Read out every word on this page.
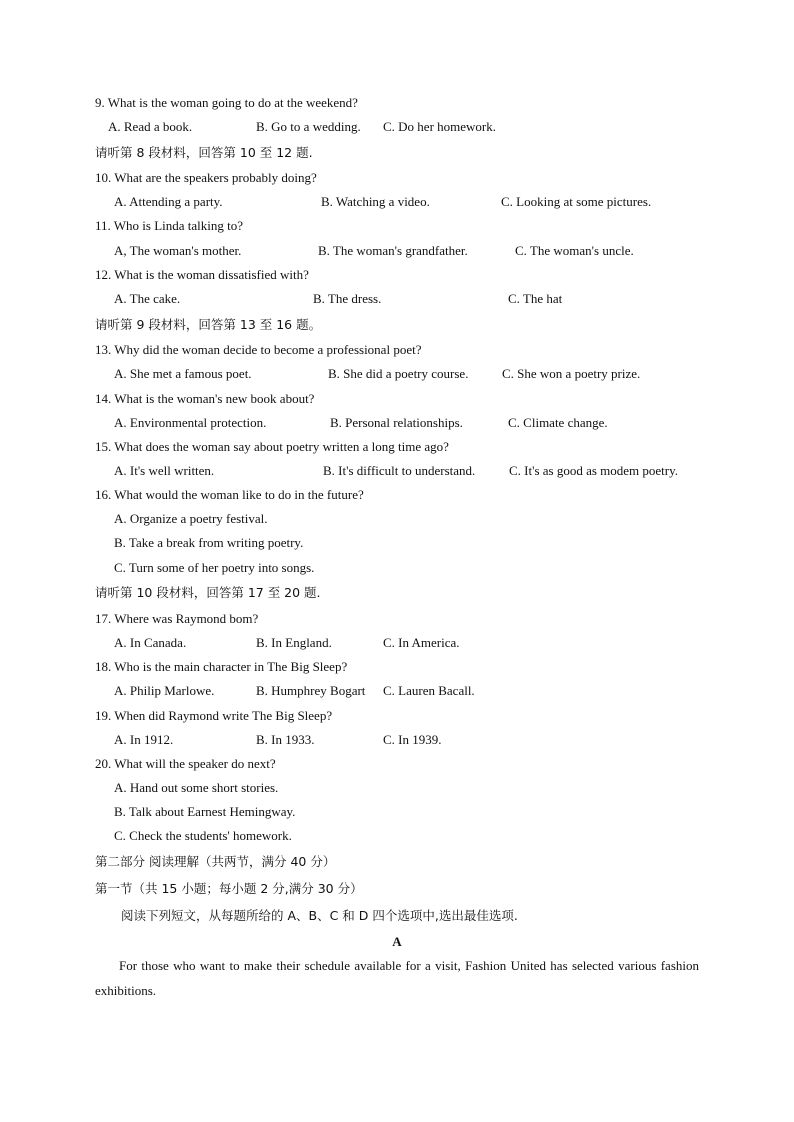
9. What is the woman going to do at the weekend?
A. Read a book.	B. Go to a wedding. C. Do her homework.
请听第 8 段材料，回答第 10 至 12 题.
10. What are the speakers probably doing?
A. Attending a party.	B. Watching a video.	C. Looking at some pictures.
11. Who is Linda talking to?
A, The woman's mother.	B. The woman's grandfather.	C. The woman's uncle.
12. What is the woman dissatisfied with?
A. The cake.	B. The dress.	C. The hat
请听第 9 段材料，回答第 13 至 16 题。
13. Why did the woman decide to become a professional poet?
A. She met a famous poet.	B. She did a poetry course.	C. She won a poetry prize.
14. What is the woman's new book about?
A. Environmental protection.	B. Personal relationships.	C. Climate change.
15. What does the woman say about poetry written a long time ago?
A. It's well written.	B. It's difficult to understand.	C. It's as good as modem poetry.
16. What would the woman like to do in the future?
A. Organize a poetry festival.
B. Take a break from writing poetry.
C. Turn some of her poetry into songs.
请听第 10 段材料，回答第 17 至 20 题.
17. Where was Raymond bom?
A. In Canada.	B. In England.	C. In America.
18. Who is the main character in The Big Sleep?
A. Philip Marlowe.	B. Humphrey Bogart C. Lauren Bacall.
19. When did Raymond write The Big Sleep?
A. In 1912.	B. In 1933.	C. In 1939.
20. What will the speaker do next?
A. Hand out some short stories.
B. Talk about Earnest Hemingway.
C. Check the students' homework.
第二部分 阅读理解（共两节，满分 40 分）
第一节（共 15 小题；每小题 2 分,满分 30 分）
阅读下列短文，从每题所给的 A、B、C 和 D 四个选项中,选出最佳选项.
A
For those who want to make their schedule available for a visit, Fashion United has selected various fashion exhibitions.
